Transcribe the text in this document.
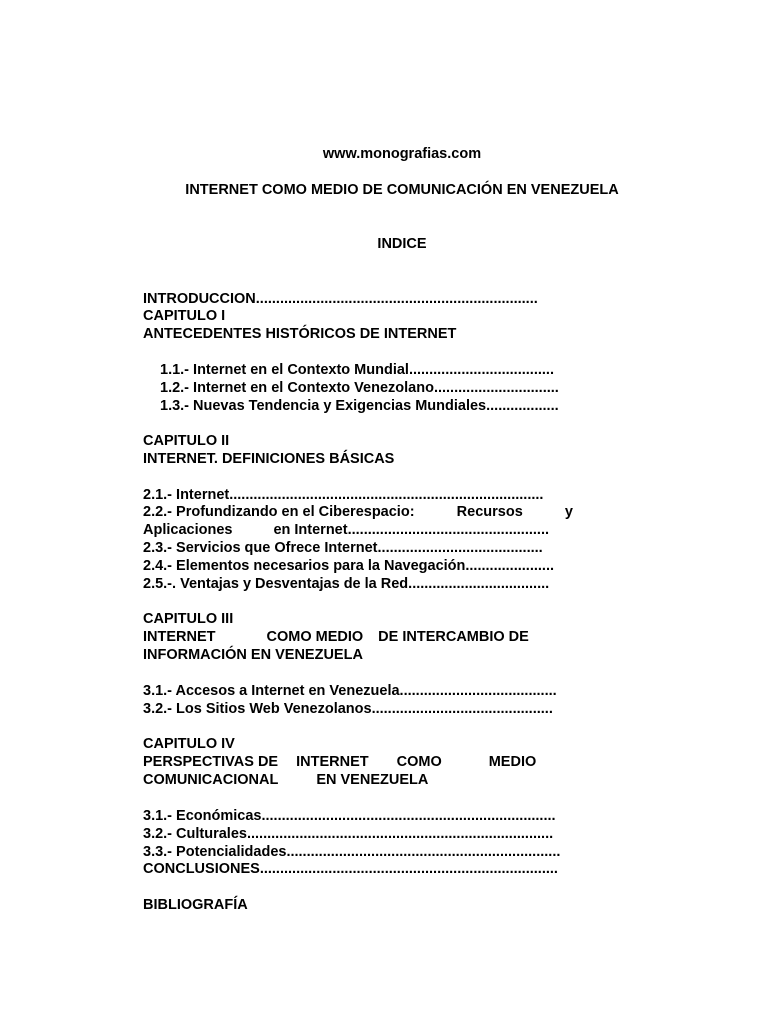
www.monografias.com
INTERNET COMO MEDIO DE COMUNICACIÓN EN VENEZUELA
INDICE
INTRODUCCION......................................................................
CAPITULO I
ANTECEDENTES HISTÓRICOS DE INTERNET
1.1.- Internet en el Contexto Mundial....................................
1.2.- Internet en el Contexto Venezolano...............................
1.3.- Nuevas Tendencia y Exigencias Mundiales..................
CAPITULO II
INTERNET. DEFINICIONES BÁSICAS
2.1.- Internet..............................................................................
2.2.- Profundizando en el Ciberespacio:	Recursos	y
Aplicaciones	en Internet..................................................
2.3.- Servicios que Ofrece Internet.........................................
2.4.- Elementos necesarios para la Navegación......................
2.5.-. Ventajas y Desventajas de la Red...................................
CAPITULO III
INTERNET	COMO MEDIO DE INTERCAMBIO DE
INFORMACIÓN EN VENEZUELA
3.1.- Accesos a Internet en Venezuela.......................................
3.2.- Los Sitios Web Venezolanos.............................................
CAPITULO IV
PERSPECTIVAS DE INTERNET COMO	MEDIO
COMUNICACIONAL	EN VENEZUELA
3.1.- Económicas.........................................................................
3.2.- Culturales............................................................................
3.3.- Potencialidades....................................................................
CONCLUSIONES..........................................................................
BIBLIOGRAFÍA
